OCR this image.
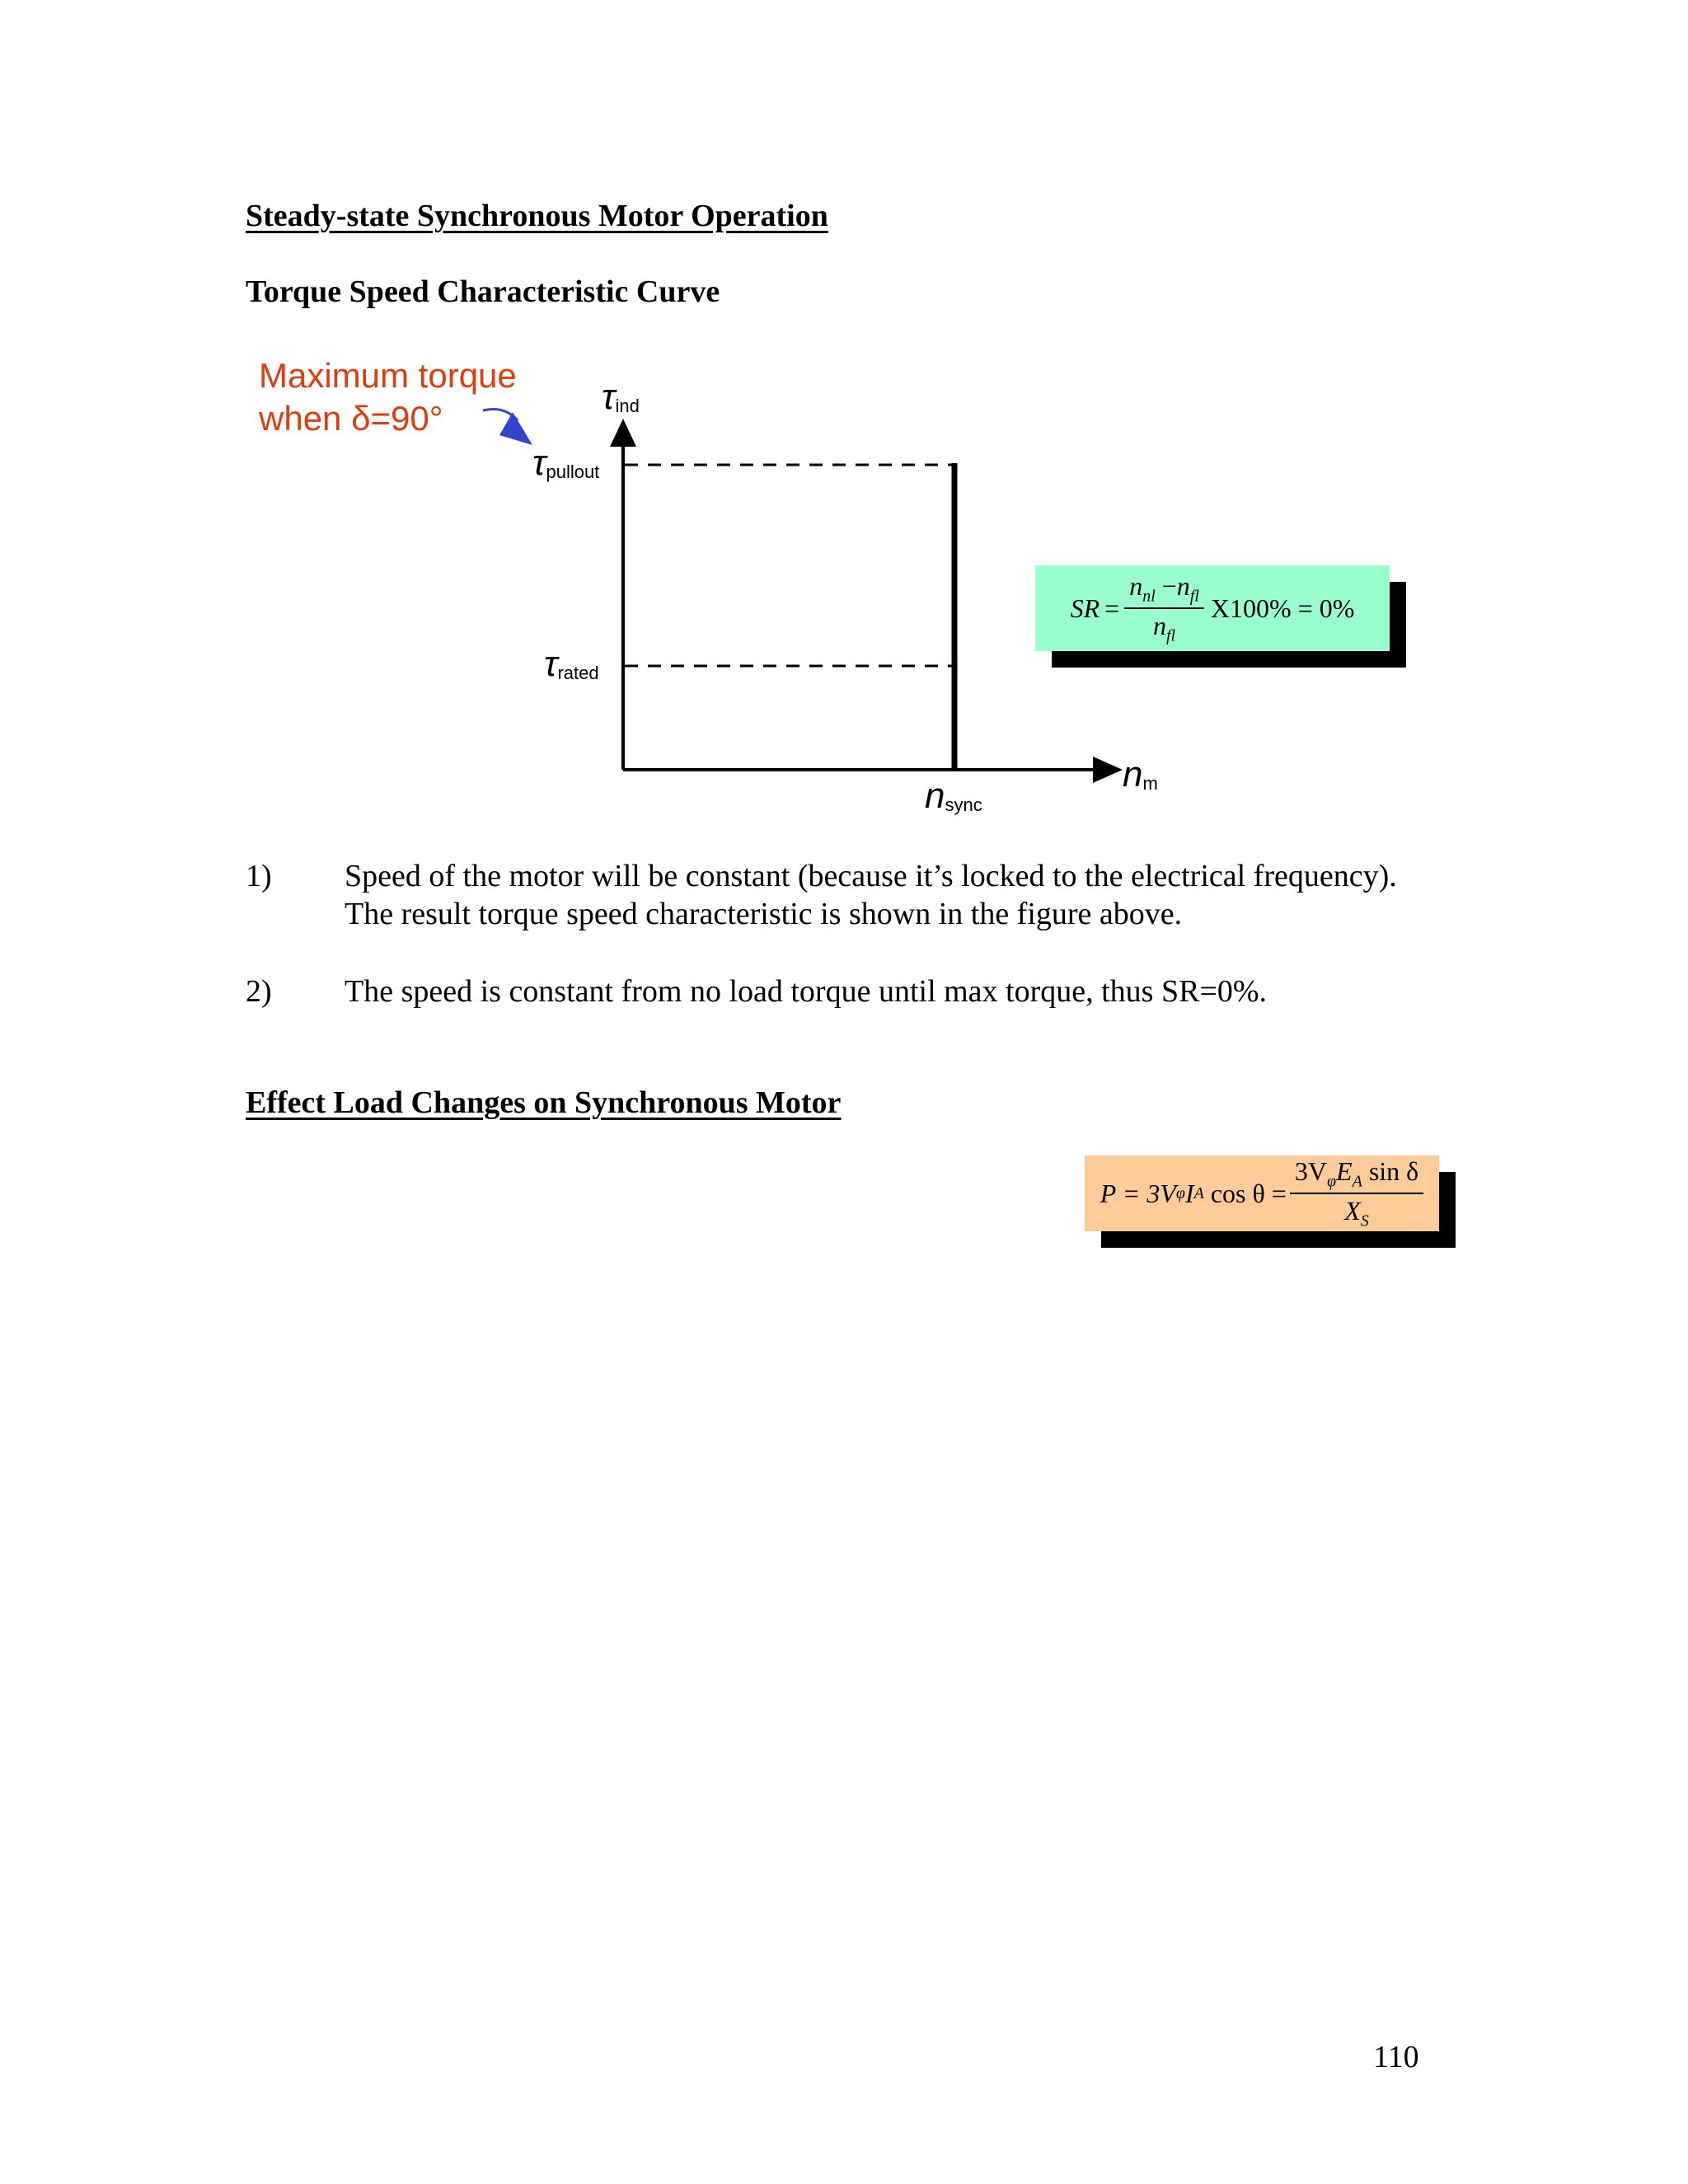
Steady-state Synchronous Motor Operation
Torque Speed Characteristic Curve
Maximum torque
when δ=90°
τind
τpullout
τrated
nm
nsync
SR = $\frac{n_{nl} -n_{fl}}{n_{fl}} X100\% = 0\%$
1) Speed of the motor will be constant (because it’s locked to the electrical frequency). The result torque speed characteristic is shown in the figure above.
2) The speed is constant from no load torque until max torque, thus SR=0%.
Effect Load Changes on Synchronous Motor
P = 3V φ I A $\cos \theta = \frac{3V_\varphi E_A \sin \delta}{X_S}$
110
